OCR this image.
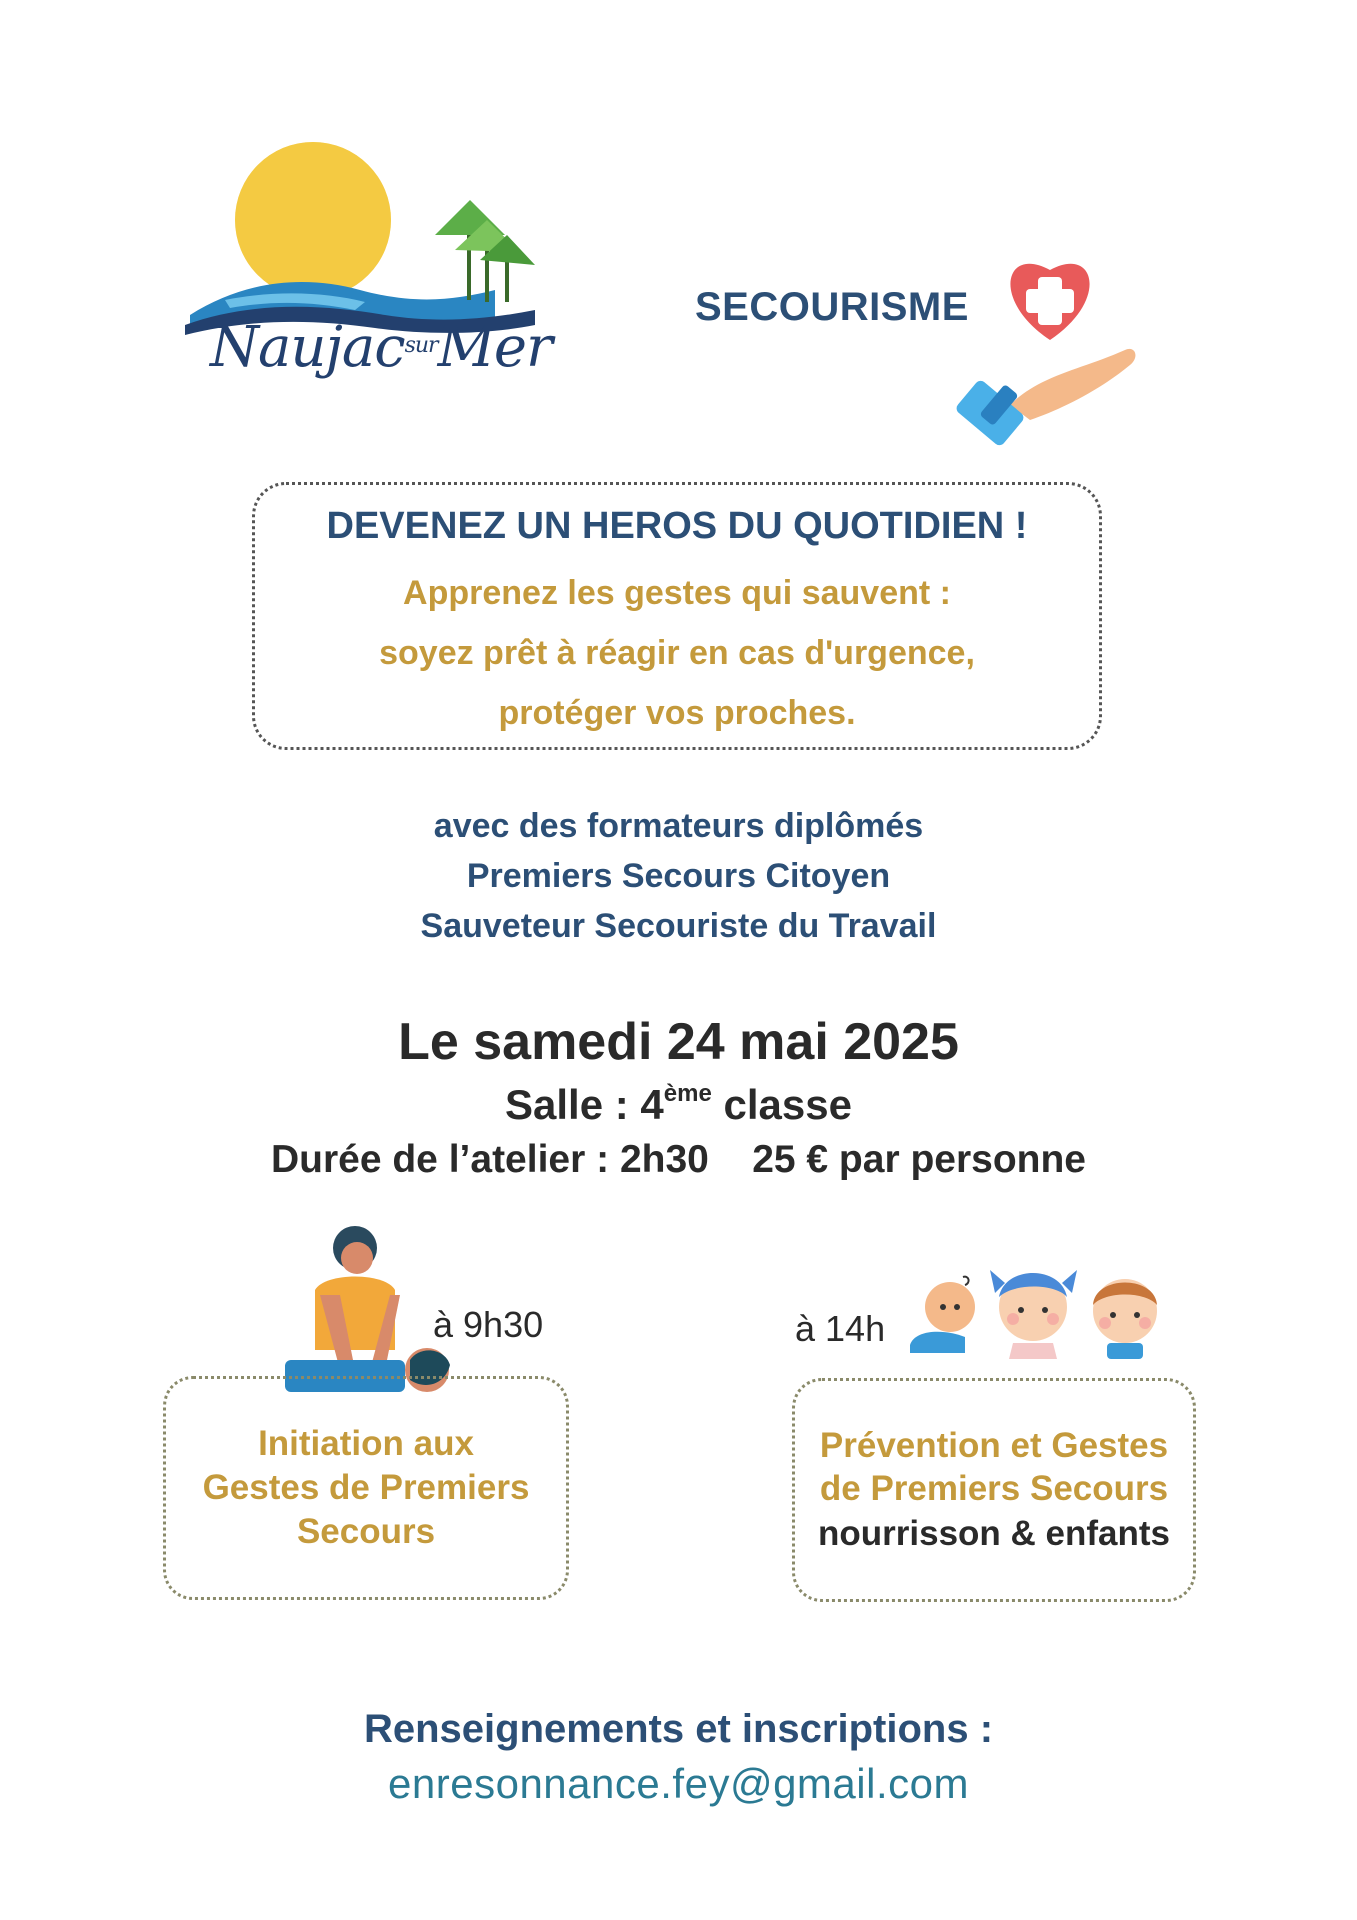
Naujac$^{sur}$Mer
SECOURISME
DEVENEZ UN HEROS DU QUOTIDIEN !
Apprenez les gestes qui sauvent :
soyez prêt à réagir en cas d'urgence,
protéger vos proches.
avec des formateurs diplômés
Premiers Secours Citoyen
Sauveteur Secouriste du Travail
Le samedi 24 mai 2025
Salle : 4ème classe
Durée de l’atelier : 2h30 25 € par personne
à 9h30	à 14h
Initiation aux
Gestes de Premiers
Secours
Prévention et Gestes
de Premiers Secours
nourrisson & enfants
Renseignements et inscriptions :
enresonnance.fey@gmail.com
